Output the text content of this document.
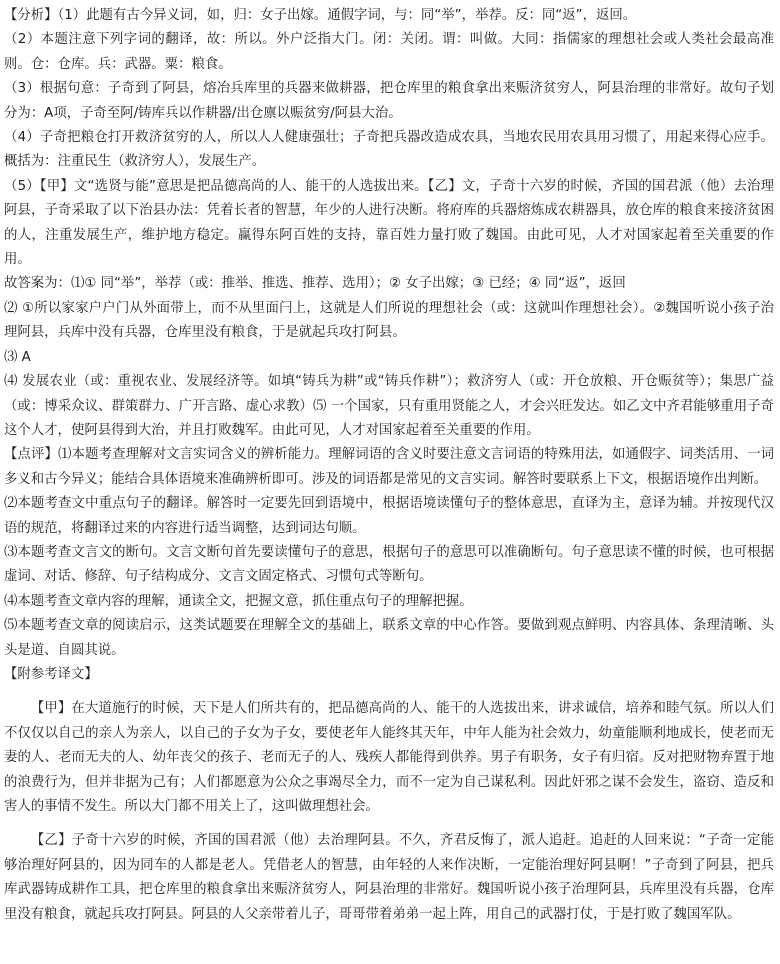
【分析】（1）此题有古今异义词，如，归：女子出嫁。通假字词，与：同“举”，举荐。反：同“返”，返回。

（2）本题注意下列字词的翻译，故：所以。外户泛指大门。闭：关闭。谓：叫做。大同：指儒家的理想社会或人类社会最高准则。仓：仓库。兵：武器。粟：粮食。

（3）根据句意：子奇到了阿县，熔冶兵库里的兵器来做耕器，把仓库里的粮食拿出来赈济贫穷人，阿县治理的非常好。故句子划分为：A项，子奇至阿/铸库兵以作耕器/出仓廪以赈贫穷/阿县大治。

（4）子奇把粮仓打开救济贫穷的人，所以人人健康强壮；子奇把兵器改造成农具，当地农民用农具用习惯了，用起来得心应手。概括为：注重民生（救济穷人），发展生产。

（5）【甲】文“选贤与能”意思是把品德高尚的人、能干的人选拔出来。【乙】文，子奇十六岁的时候，齐国的国君派（他）去治理阿县，子奇采取了以下治县办法：凭着长者的智慧，年少的人进行决断。将府库的兵器熔炼成农耕器具，放仓库的粮食来接济贫困的人，注重发展生产，维护地方稳定。赢得东阿百姓的支持，靠百姓力量打败了魏国。由此可见，人才对国家起着至关重要的作用。

故答案为：⑴① 同“举”，举荐（或：推举、推选、推荐、选用）；② 女子出嫁；③ 已经；④ 同“返”，返回

⑵ ①所以家家户户门从外面带上，而不从里面闩上，这就是人们所说的理想社会（或：这就叫作理想社会）。②魏国听说小孩子治理阿县，兵库中没有兵器，仓库里没有粮食，于是就起兵攻打阿县。

⑶ A

⑷ 发展农业（或：重视农业、发展经济等。如填“铸兵为耕”或“铸兵作耕”）；救济穷人（或：开仓放粮、开仓赈贫等）；集思广益（或：博采众议、群策群力、广开言路、虚心求教）⑸ 一个国家，只有重用贤能之人，才会兴旺发达。如乙文中齐君能够重用子奇这个人才，使阿县得到大治，并且打败魏军。由此可见，人才对国家起着至关重要的作用。

【点评】⑴本题考查理解对文言实词含义的辨析能力。理解词语的含义时要注意文言词语的特殊用法，如通假字、词类活用、一词多义和古今异义；能结合具体语境来准确辨析即可。涉及的词语都是常见的文言实词。解答时要联系上下文，根据语境作出判断。

⑵本题考查文中重点句子的翻译。解答时一定要先回到语境中，根据语境读懂句子的整体意思，直译为主，意译为辅。并按现代汉语的规范，将翻译过来的内容进行适当调整，达到词达句顺。

⑶本题考查文言文的断句。文言文断句首先要读懂句子的意思，根据句子的意思可以准确断句。句子意思读不懂的时候，也可根据虚词、对话、修辞、句子结构成分、文言文固定格式、习惯句式等断句。

⑷本题考查文章内容的理解，通读全文，把握文意，抓住重点句子的理解把握。

⑸本题考查文章的阅读启示，这类试题要在理解全文的基础上，联系文章的中心作答。要做到观点鲜明、内容具体、条理清晰、头头是道、自圆其说。

【附参考译文】

【甲】在大道施行的时候，天下是人们所共有的，把品德高尚的人、能干的人选拔出来，讲求诚信，培养和睦气氛。所以人们不仅仅以自己的亲人为亲人，以自己的子女为子女，要使老年人能终其天年，中年人能为社会效力，幼童能顺利地成长，使老而无妻的人、老而无夫的人、幼年丧父的孩子、老而无子的人、残疾人都能得到供养。男子有职务，女子有归宿。反对把财物弃置于地的浪费行为，但并非据为己有；人们都愿意为公众之事竭尽全力，而不一定为自己谋私利。因此奸邪之谋不会发生，盗窃、造反和害人的事情不发生。所以大门都不用关上了，这叫做理想社会。

【乙】子奇十六岁的时候，齐国的国君派（他）去治理阿县。不久，齐君反悔了，派人追赶。追赶的人回来说：“子奇一定能够治理好阿县的，因为同车的人都是老人。凭借老人的智慧，由年轻的人来作决断，一定能治理好阿县啊！”子奇到了阿县，把兵库武器铸成耕作工具，把仓库里的粮食拿出来赈济贫穷人，阿县治理的非常好。魏国听说小孩子治理阿县，兵库里没有兵器，仓库里没有粮食，就起兵攻打阿县。阿县的人父亲带着儿子，哥哥带着弟弟一起上阵，用自己的武器打仗，于是打败了魏国军队。
